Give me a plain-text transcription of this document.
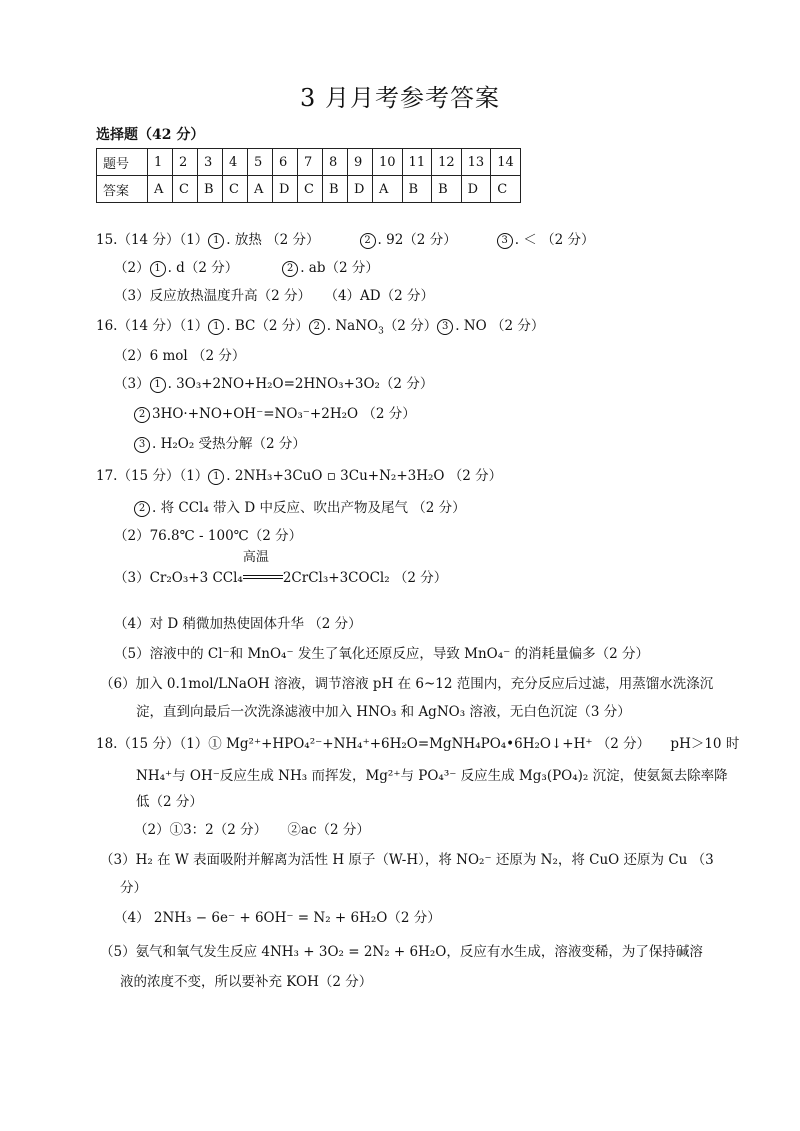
3 月月考参考答案
选择题（42 分）
题号	1	2	3	4	5	6	7	8	9	10	11	12	13	14
答案	A	C	B	C	A	D	C	B	D	A	B	B	D	C
15.（14 分）（1） 1 . 放热 （2 分）	2 . 92（2 分）	3 . ＜ （2 分）
（2） 1 . d（2 分）	2 . ab（2 分）
（3）反应放热温度升高（2 分）　　（4）AD（2 分）
16.（14 分）（1） 1 . BC（2 分） 2 . NaNO$_3$（2 分） 3 . NO （2 分）
（2）6 mol （2 分）
（3） 1 . 3O₃+2NO+H₂O=2HNO₃+3O₂（2 分）
2 3HO·+NO+OH⁻=NO₃⁻+2H₂O （2 分）
3 . H₂O₂ 受热分解（2 分）
17.（15 分）（1） 1 . 2NH₃+3CuO ▫ 3Cu+N₂+3H₂O （2 分）
2 . 将 CCl₄ 带入 D 中反应、吹出产物及尾气 （2 分）
（2）76.8℃ - 100℃（2 分）
（3）Cr₂O₃+3 CCl₄
高温
2CrCl₃+3COCl₂ （2 分）
（4）对 D 稍微加热使固体升华 （2 分）
（5）溶液中的 Cl⁻和 MnO₄⁻ 发生了氧化还原反应，导致 MnO₄⁻ 的消耗量偏多（2 分）
（6）加入 0.1mol/LNaOH 溶液，调节溶液 pH 在 6~12 范围内，充分反应后过滤，用蒸馏水洗涤沉
淀，直到向最后一次洗涤滤液中加入 HNO₃ 和 AgNO₃ 溶液，无白色沉淀（3 分）
18.（15 分）（1）① Mg²⁺+HPO₄²⁻+NH₄⁺+6H₂O=MgNH₄PO₄•6H₂O↓+H⁺ （2 分）　　pH＞10 时
NH₄⁺与 OH⁻反应生成 NH₃ 而挥发，Mg²⁺与 PO₄³⁻ 反应生成 Mg₃(PO₄)₂ 沉淀，使氨氮去除率降
低（2 分）
（2）①3：2（2 分）　　②ac（2 分）
（3）H₂ 在 W 表面吸附并解离为活性 H 原子（W-H），将 NO₂⁻ 还原为 N₂，将 CuO 还原为 Cu （3
分）
（4） 2NH₃ − 6e⁻ + 6OH⁻ = N₂ + 6H₂O（2 分）
（5）氨气和氧气发生反应 4NH₃ + 3O₂ = 2N₂ + 6H₂O，反应有水生成，溶液变稀，为了保持碱溶
液的浓度不变，所以要补充 KOH（2 分）
